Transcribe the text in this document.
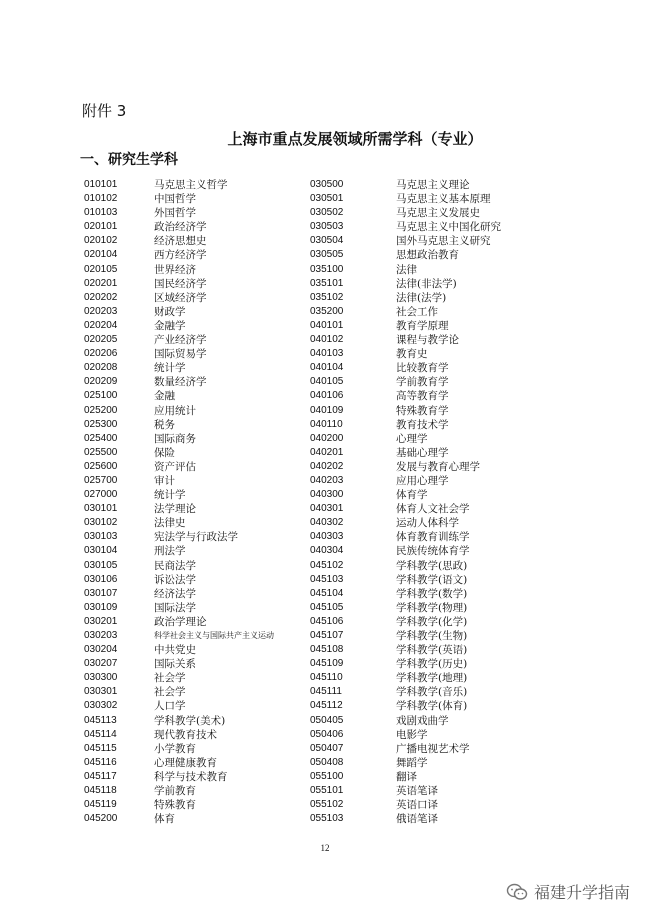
附件 3
上海市重点发展领域所需学科（专业）
一、研究生学科
010101	马克思主义哲学
010102	中国哲学
010103	外国哲学
020101	政治经济学
020102	经济思想史
020104	西方经济学
020105	世界经济
020201	国民经济学
020202	区域经济学
020203	财政学
020204	金融学
020205	产业经济学
020206	国际贸易学
020208	统计学
020209	数量经济学
025100	金融
025200	应用统计
025300	税务
025400	国际商务
025500	保险
025600	资产评估
025700	审计
027000	统计学
030101	法学理论
030102	法律史
030103	宪法学与行政法学
030104	刑法学
030105	民商法学
030106	诉讼法学
030107	经济法学
030109	国际法学
030201	政治学理论
030203	科学社会主义与国际共产主义运动
030204	中共党史
030207	国际关系
030300	社会学
030301	社会学
030302	人口学
045113	学科教学(美术)
045114	现代教育技术
045115	小学教育
045116	心理健康教育
045117	科学与技术教育
045118	学前教育
045119	特殊教育
045200	体育
030500	马克思主义理论
030501	马克思主义基本原理
030502	马克思主义发展史
030503	马克思主义中国化研究
030504	国外马克思主义研究
030505	思想政治教育
035100	法律
035101	法律(非法学)
035102	法律(法学)
035200	社会工作
040101	教育学原理
040102	课程与教学论
040103	教育史
040104	比较教育学
040105	学前教育学
040106	高等教育学
040109	特殊教育学
040110	教育技术学
040200	心理学
040201	基础心理学
040202	发展与教育心理学
040203	应用心理学
040300	体育学
040301	体育人文社会学
040302	运动人体科学
040303	体育教育训练学
040304	民族传统体育学
045102	学科教学(思政)
045103	学科教学(语文)
045104	学科教学(数学)
045105	学科教学(物理)
045106	学科教学(化学)
045107	学科教学(生物)
045108	学科教学(英语)
045109	学科教学(历史)
045110	学科教学(地理)
045111	学科教学(音乐)
045112	学科教学(体育)
050405	戏剧戏曲学
050406	电影学
050407	广播电视艺术学
050408	舞蹈学
055100	翻译
055101	英语笔译
055102	英语口译
055103	俄语笔译
12
福建升学指南
